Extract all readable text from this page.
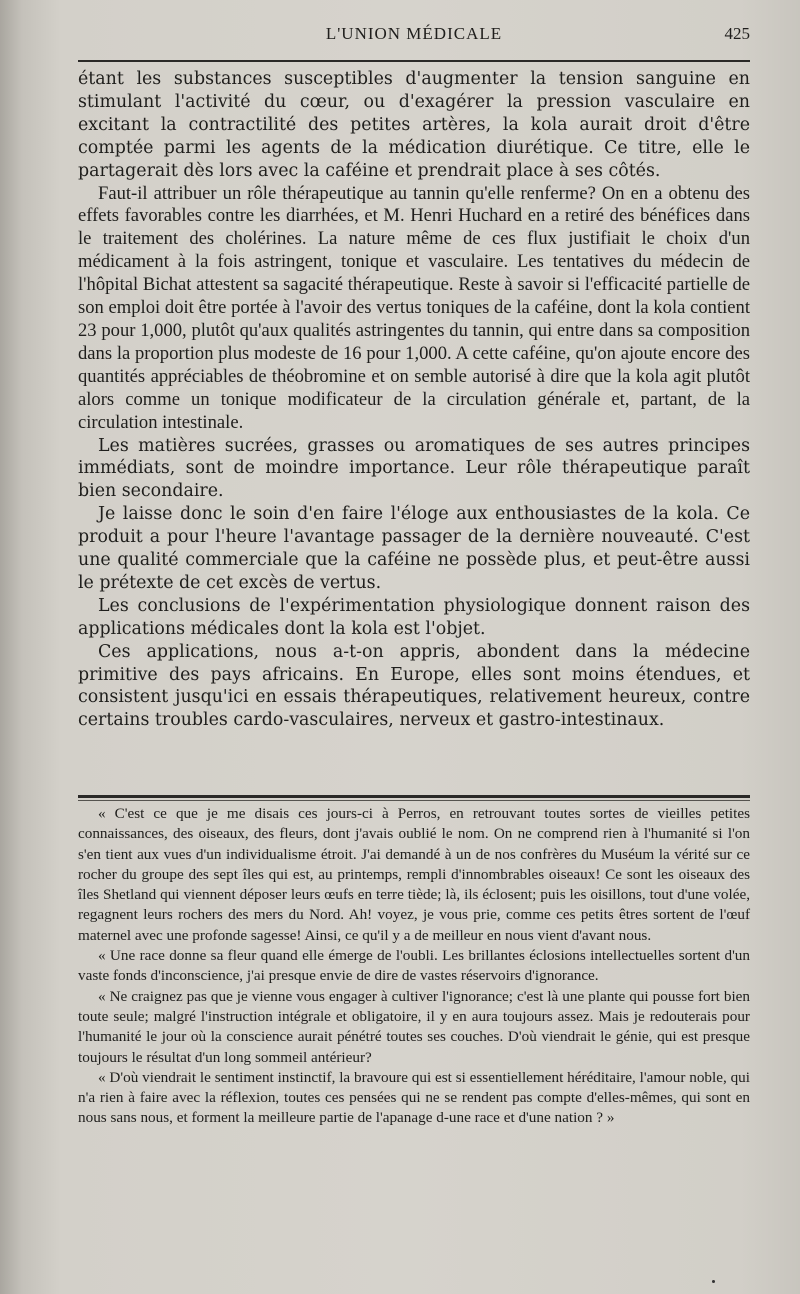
L'UNION MÉDICALE	425

étant les substances susceptibles d'augmenter la tension sanguine en stimulant l'activité du cœur, ou d'exagérer la pression vasculaire en excitant la contractilité des petites artères, la kola aurait droit d'être comptée parmi les agents de la médication diurétique. Ce titre, elle le partagerait dès lors avec la caféine et prendrait place à ses côtés.

Faut-il attribuer un rôle thérapeutique au tannin qu'elle renferme? On en a obtenu des effets favorables contre les diarrhées, et M. Henri Huchard en a retiré des bénéfices dans le traitement des cholérines. La nature même de ces flux justifiait le choix d'un médicament à la fois astringent, tonique et vasculaire. Les tentatives du médecin de l'hôpital Bichat attestent sa sagacité thérapeutique. Reste à savoir si l'efficacité partielle de son emploi doit être portée à l'avoir des vertus toniques de la caféine, dont la kola contient 23 pour 1,000, plutôt qu'aux qualités astringentes du tannin, qui entre dans sa composition dans la proportion plus modeste de 16 pour 1,000. A cette caféine, qu'on ajoute encore des quantités appréciables de théobromine et on semble autorisé à dire que la kola agit plutôt alors comme un tonique modificateur de la circulation générale et, partant, de la circulation intestinale.

Les matières sucrées, grasses ou aromatiques de ses autres principes immédiats, sont de moindre importance. Leur rôle thérapeutique paraît bien secondaire.

Je laisse donc le soin d'en faire l'éloge aux enthousiastes de la kola. Ce produit a pour l'heure l'avantage passager de la dernière nouveauté. C'est une qualité commerciale que la caféine ne possède plus, et peut-être aussi le prétexte de cet excès de vertus.

Les conclusions de l'expérimentation physiologique donnent raison des applications médicales dont la kola est l'objet.

Ces applications, nous a-t-on appris, abondent dans la médecine primitive des pays africains. En Europe, elles sont moins étendues, et consistent jusqu'ici en essais thérapeutiques, relativement heureux, contre certains troubles cardo-vasculaires, nerveux et gastro-intestinaux.

« C'est ce que je me disais ces jours-ci à Perros, en retrouvant toutes sortes de vieilles petites connaissances, des oiseaux, des fleurs, dont j'avais oublié le nom. On ne comprend rien à l'humanité si l'on s'en tient aux vues d'un individualisme étroit. J'ai demandé à un de nos confrères du Muséum la vérité sur ce rocher du groupe des sept îles qui est, au printemps, rempli d'innombrables oiseaux! Ce sont les oiseaux des îles Shetland qui viennent déposer leurs œufs en terre tiède; là, ils éclosent; puis les oisillons, tout d'une volée, regagnent leurs rochers des mers du Nord. Ah! voyez, je vous prie, comme ces petits êtres sortent de l'œuf maternel avec une profonde sagesse! Ainsi, ce qu'il y a de meilleur en nous vient d'avant nous.

« Une race donne sa fleur quand elle émerge de l'oubli. Les brillantes éclosions intellectuelles sortent d'un vaste fonds d'inconscience, j'ai presque envie de dire de vastes réservoirs d'ignorance.

« Ne craignez pas que je vienne vous engager à cultiver l'ignorance; c'est là une plante qui pousse fort bien toute seule; malgré l'instruction intégrale et obligatoire, il y en aura toujours assez. Mais je redouterais pour l'humanité le jour où la conscience aurait pénétré toutes ses couches. D'où viendrait le génie, qui est presque toujours le résultat d'un long sommeil antérieur?

« D'où viendrait le sentiment instinctif, la bravoure qui est si essentiellement héréditaire, l'amour noble, qui n'a rien à faire avec la réflexion, toutes ces pensées qui ne se rendent pas compte d'elles-mêmes, qui sont en nous sans nous, et forment la meilleure partie de l'apanage d-une race et d'une nation ? »
